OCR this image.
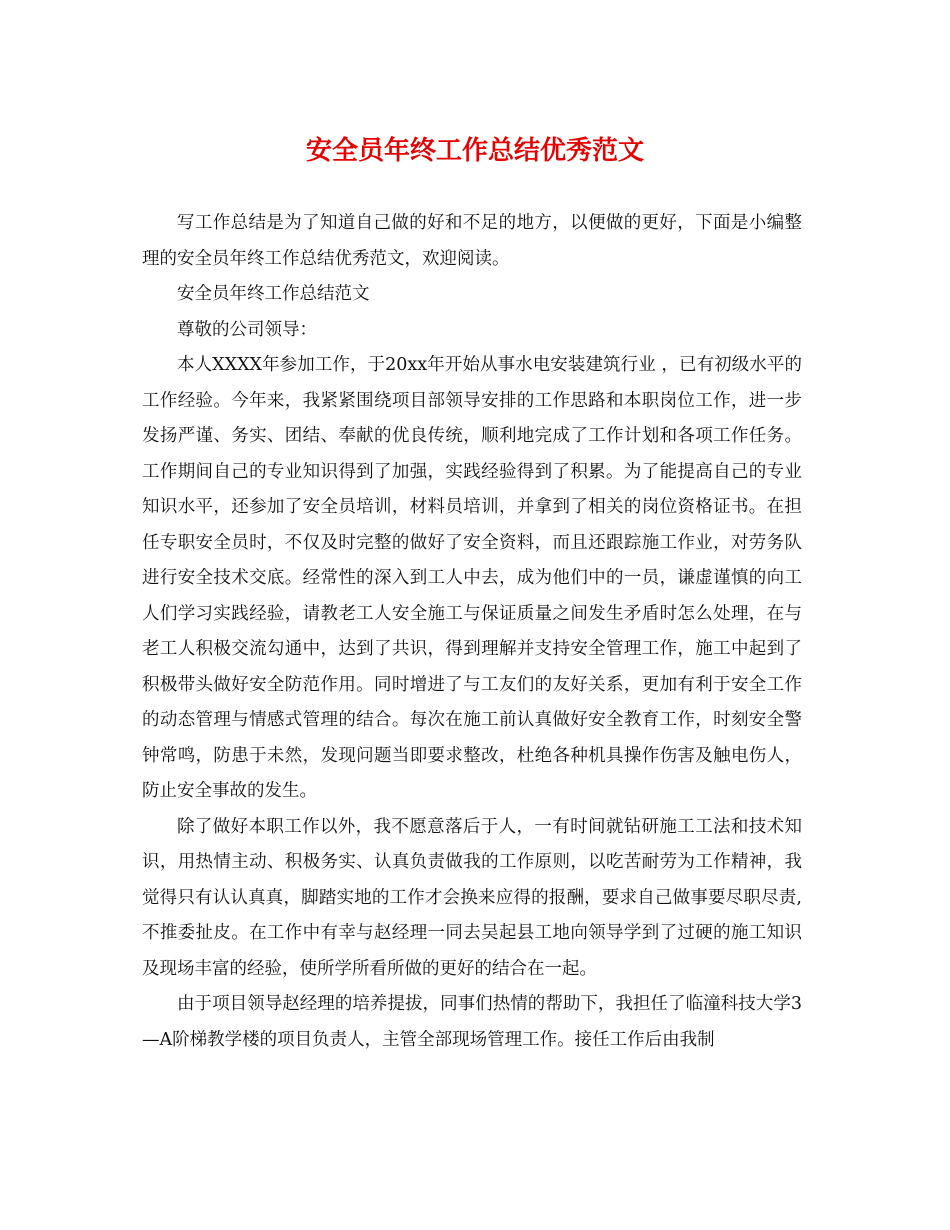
安全员年终工作总结优秀范文

写工作总结是为了知道自己做的好和不足的地方，以便做的更好，下面是小编整理的安全员年终工作总结优秀范文，欢迎阅读。

安全员年终工作总结范文

尊敬的公司领导：

本人XXXX年参加工作，于20xx年开始从事水电安装建筑行业 ，已有初级水平的工作经验。今年来，我紧紧围绕项目部领导安排的工作思路和本职岗位工作，进一步发扬严谨、务实、团结、奉献的优良传统，顺利地完成了工作计划和各项工作任务。工作期间自己的专业知识得到了加强，实践经验得到了积累。为了能提高自己的专业知识水平，还参加了安全员培训，材料员培训，并拿到了相关的岗位资格证书。在担任专职安全员时，不仅及时完整的做好了安全资料，而且还跟踪施工作业，对劳务队进行安全技术交底。经常性的深入到工人中去，成为他们中的一员，谦虚谨慎的向工人们学习实践经验，请教老工人安全施工与保证质量之间发生矛盾时怎么处理，在与老工人积极交流勾通中，达到了共识，得到理解并支持安全管理工作，施工中起到了积极带头做好安全防范作用。同时增进了与工友们的友好关系，更加有利于安全工作的动态管理与情感式管理的结合。每次在施工前认真做好安全教育工作，时刻安全警钟常鸣，防患于未然，发现问题当即要求整改，杜绝各种机具操作伤害及触电伤人，防止安全事故的发生。

除了做好本职工作以外，我不愿意落后于人，一有时间就钻研施工工法和技术知识，用热情主动、积极务实、认真负责做我的工作原则，以吃苦耐劳为工作精神，我觉得只有认认真真，脚踏实地的工作才会换来应得的报酬，要求自己做事要尽职尽责,不推委扯皮。在工作中有幸与赵经理一同去吴起县工地向领导学到了过硬的施工知识及现场丰富的经验，使所学所看所做的更好的结合在一起。

由于项目领导赵经理的培养提拔，同事们热情的帮助下，我担任了临潼科技大学3—A阶梯教学楼的项目负责人，主管全部现场管理工作。接任工作后由我制
